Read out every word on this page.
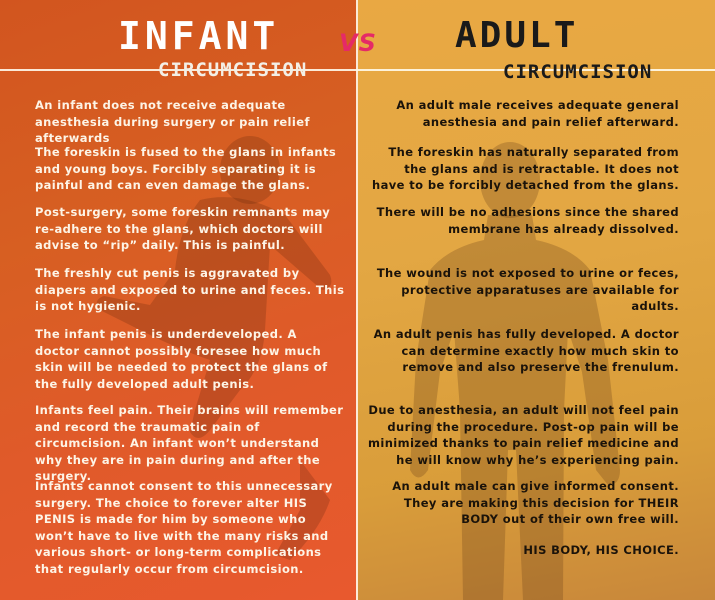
INFANT
CIRCUMCISION
VS ADULT
CIRCUMCISION

An infant does not receive adequate anesthesia during surgery or pain relief afterwards

The foreskin is fused to the glans in infants and young boys. Forcibly separating it is painful and can even damage the glans.

Post-surgery, some foreskin remnants may re-adhere to the glans, which doctors will advise to “rip” daily. This is painful.

The freshly cut penis is aggravated by diapers and exposed to urine and feces. This is not hygienic.

The infant penis is underdeveloped. A doctor cannot possibly foresee how much skin will be needed to protect the glans of the fully developed adult penis.

Infants feel pain. Their brains will remember and record the traumatic pain of circumcision. An infant won’t understand why they are in pain during and after the surgery.

Infants cannot consent to this unnecessary surgery. The choice to forever alter HIS PENIS is made for him by someone who won’t have to live with the many risks and various short- or long-term complications that regularly occur from circumcision.

An adult male receives adequate general anesthesia and pain relief afterward.

The foreskin has naturally separated from the glans and is retractable. It does not have to be forcibly detached from the glans.

There will be no adhesions since the shared membrane has already dissolved.

The wound is not exposed to urine or feces, protective apparatuses are available for adults.

An adult penis has fully developed. A doctor can determine exactly how much skin to remove and also preserve the frenulum.

Due to anesthesia, an adult will not feel pain during the procedure. Post-op pain will be minimized thanks to pain relief medicine and he will know why he’s experiencing pain.

An adult male can give informed consent. They are making this decision for THEIR BODY out of their own free will.

HIS BODY, HIS CHOICE.
